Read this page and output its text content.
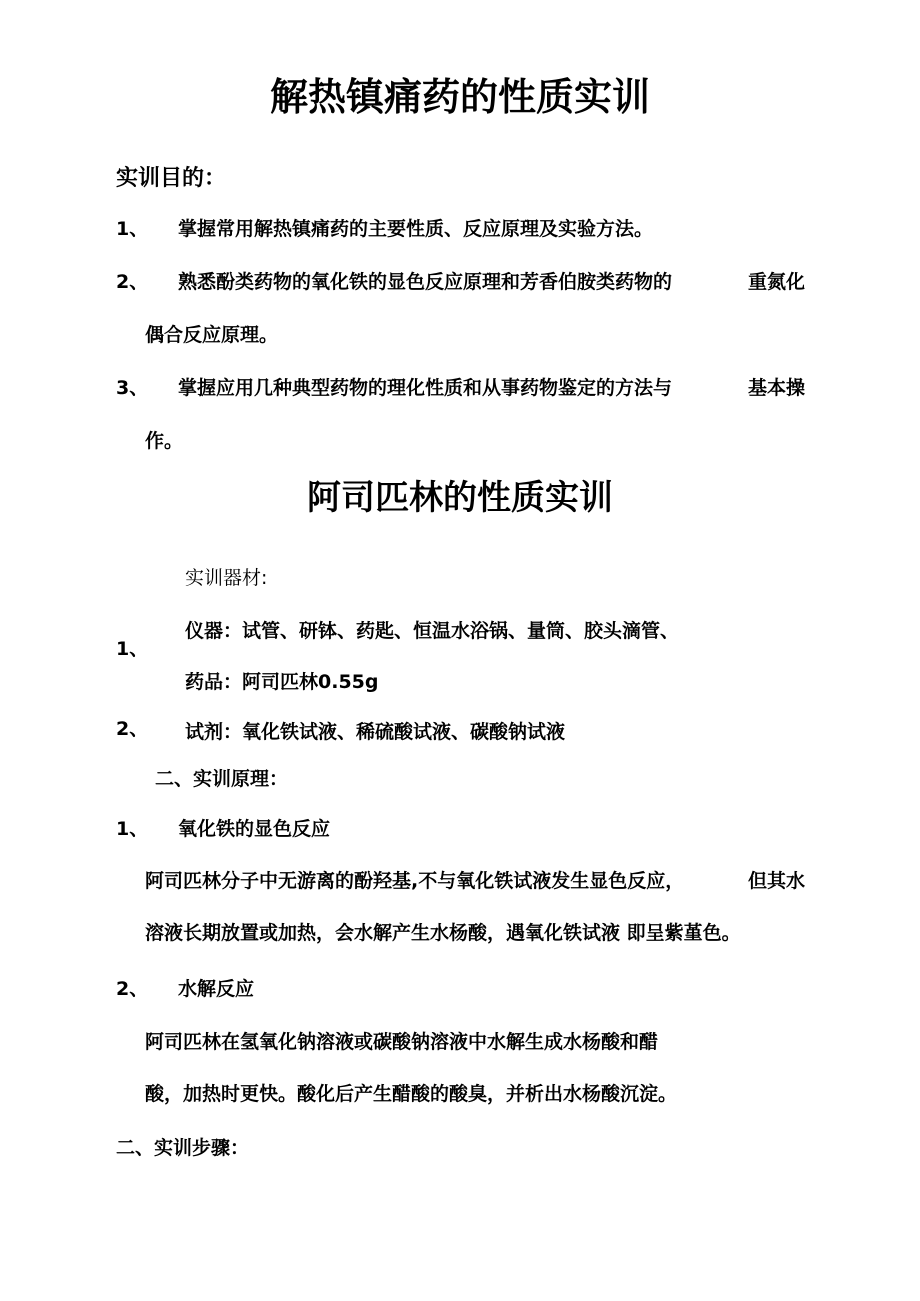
解热镇痛药的性质实训
实训目的：
1、 掌握常用解热镇痛药的主要性质、反应原理及实验方法。
2、 熟悉酚类药物的氧化铁的显色反应原理和芳香伯胺类药物的	重氮化
偶合反应原理。
3、 掌握应用几种典型药物的理化性质和从事药物鉴定的方法与	基本操
作。
阿司匹林的性质实训
实训器材:
1、
仪器：试管、研钵、药匙、恒温水浴锅、量筒、胶头滴管、
药品：阿司匹林0.55g
2、 试剂：氧化铁试液、稀硫酸试液、碳酸钠试液
二、实训原理：
1、 氧化铁的显色反应
阿司匹林分子中无游离的酚羟基,不与氧化铁试液发生显色反应，	但其水
溶液长期放置或加热，会水解产生水杨酸，遇氧化铁试液 即呈紫堇色。
2、 水解反应
阿司匹林在氢氧化钠溶液或碳酸钠溶液中水解生成水杨酸和醋
酸，加热时更快。酸化后产生醋酸的酸臭，并析出水杨酸沉淀。
二、实训步骤：
